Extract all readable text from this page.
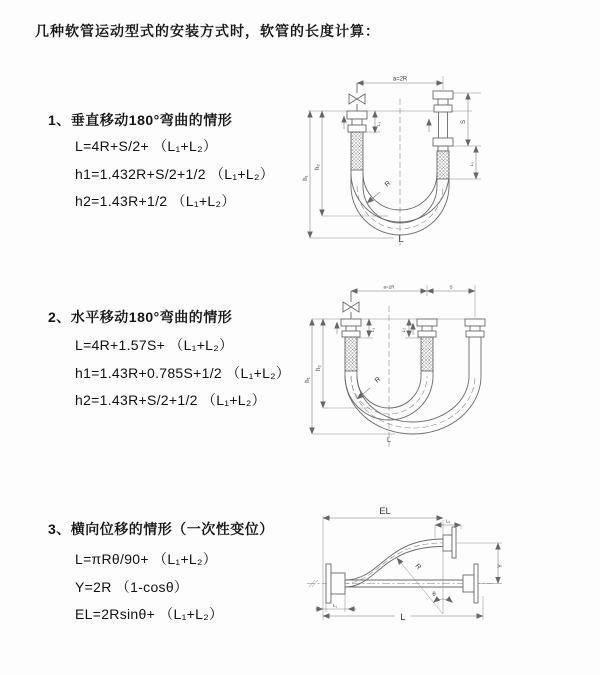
几种软管运动型式的安装方式时，软管的长度计算：
1、垂直移动180°弯曲的情形
L=4R+S/2+ （L₁+L₂）
h1=1.432R+S/2+1/2 （L₁+L₂）
h2=1.43R+1/2 （L₁+L₂）
a=2R
h₁
h₂
L
L₁	S
L₂
R
2、水平移动180°弯曲的情形
L=4R+1.57S+ （L₁+L₂）
h1=1.43R+0.785S+1/2 （L₁+L₂）
h2=1.43R+S/2+1/2 （L₁+L₂）
a=2R	S
h₁
h₂
L₁	L₂
R
L
3、横向位移的情形（一次性变位）
L=πRθ/90+ （L₁+L₂）
Y=2R （1-cosθ）
EL=2Rsinθ+ （L₁+L₂）
θ
R
EL
L₂
Y
L
L₁
